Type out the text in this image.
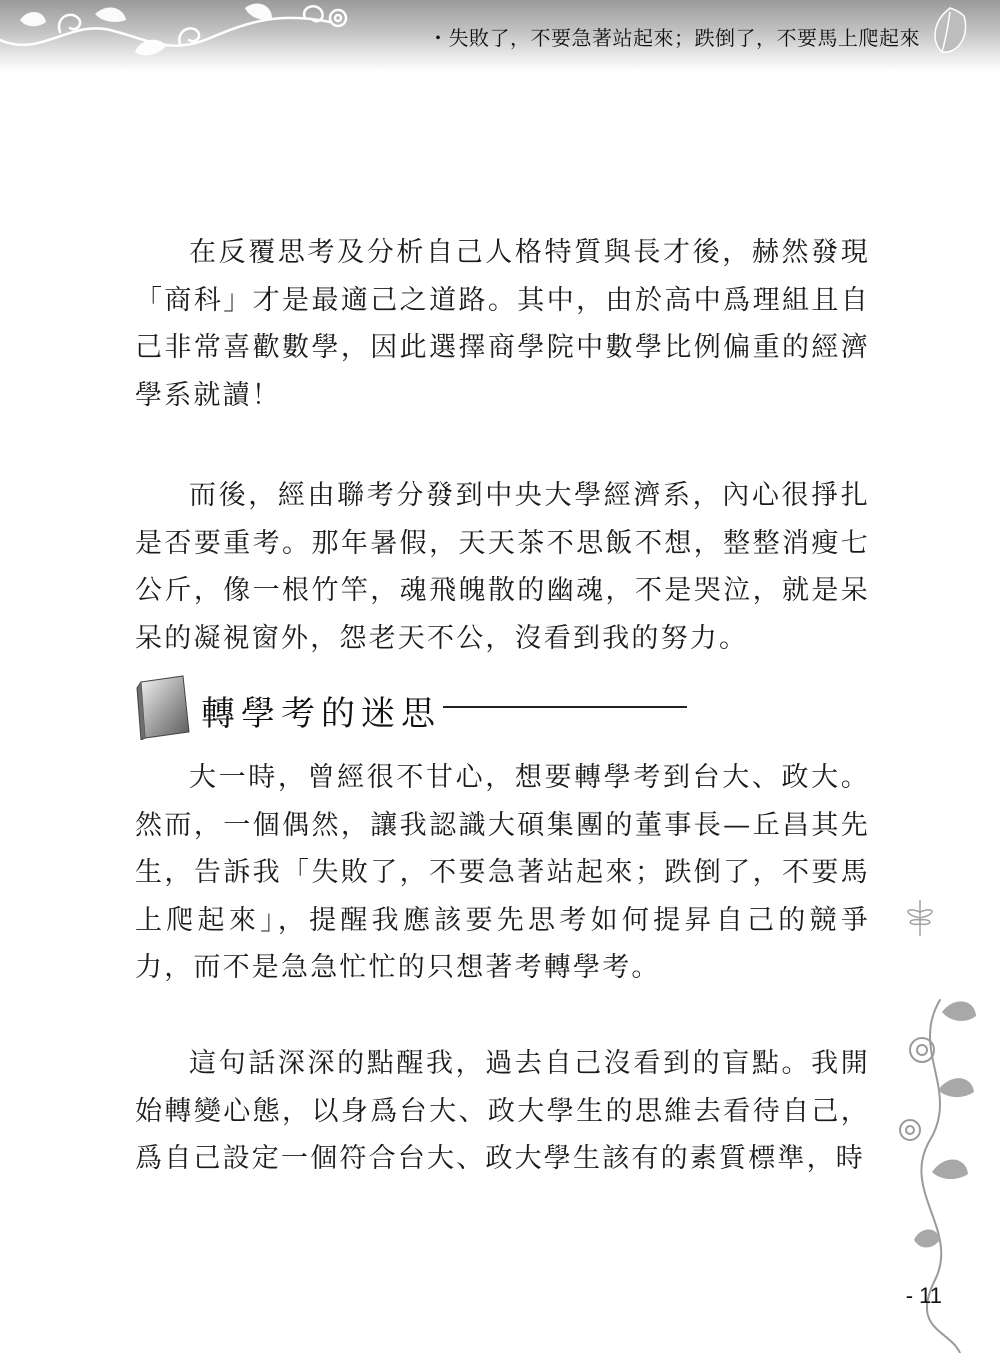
・失敗了，不要急著站起來；跌倒了，不要馬上爬起來

在反覆思考及分析自己人格特質與長才後，赫然發現「商科」才是最適己之道路。其中，由於高中爲理組且自己非常喜歡數學，因此選擇商學院中數學比例偏重的經濟學系就讀！

而後，經由聯考分發到中央大學經濟系，內心很掙扎是否要重考。那年暑假，天天茶不思飯不想，整整消瘦七公斤，像一根竹竿，魂飛魄散的幽魂，不是哭泣，就是呆呆的凝視窗外，怨老天不公，沒看到我的努力。

轉學考的迷思

大一時，曾經很不甘心，想要轉學考到台大、政大。然而，一個偶然，讓我認識大碩集團的董事長—丘昌其先生，告訴我「失敗了，不要急著站起來；跌倒了，不要馬上爬起來」，提醒我應該要先思考如何提昇自己的競爭力，而不是急急忙忙的只想著考轉學考。

這句話深深的點醒我，過去自己沒看到的盲點。我開始轉變心態，以身爲台大、政大學生的思維去看待自己，爲自己設定一個符合台大、政大學生該有的素質標準，時

- 11
